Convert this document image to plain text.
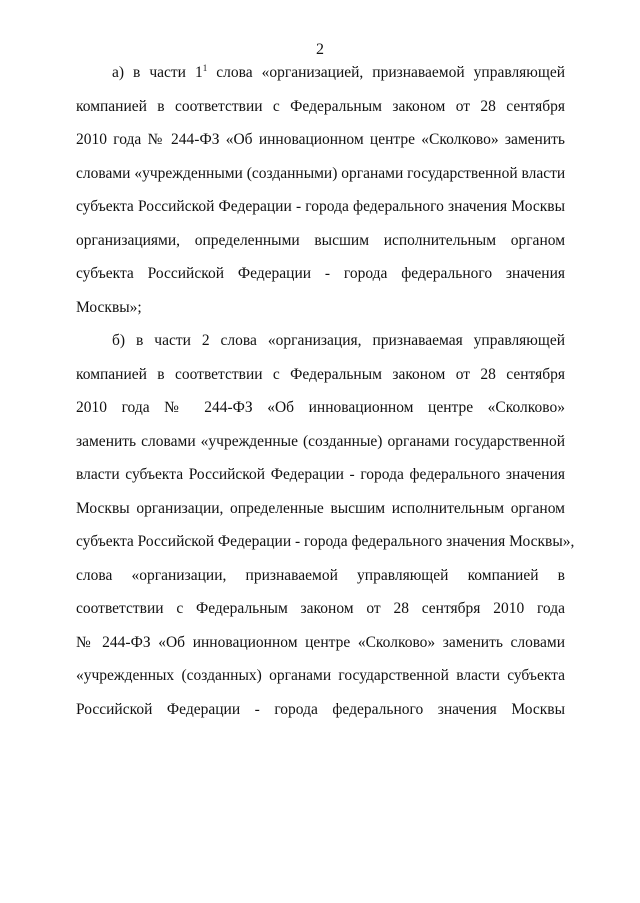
2
а) в части $1^1$ слова «организацией, признаваемой управляющей
компанией в соответствии с Федеральным законом от 28 сентября
2010 года № 244-ФЗ «Об инновационном центре «Сколково» заменить
словами «учрежденными (созданными) органами государственной власти
субъекта Российской Федерации - города федерального значения Москвы
организациями, определенными высшим исполнительным органом
субъекта Российской Федерации - города федерального значения
Москвы»;
б) в части 2 слова «организация, признаваемая управляющей
компанией в соответствии с Федеральным законом от 28 сентября
2010 года № 244-ФЗ «Об инновационном центре «Сколково»
заменить словами «учрежденные (созданные) органами государственной
власти субъекта Российской Федерации - города федерального значения
Москвы организации, определенные высшим исполнительным органом
субъекта Российской Федерации - города федерального значения Москвы»,
слова «организации, признаваемой управляющей компанией в
соответствии с Федеральным законом от 28 сентября 2010 года
№ 244-ФЗ «Об инновационном центре «Сколково» заменить словами
«учрежденных (созданных) органами государственной власти субъекта
Российской Федерации - города федерального значения Москвы
